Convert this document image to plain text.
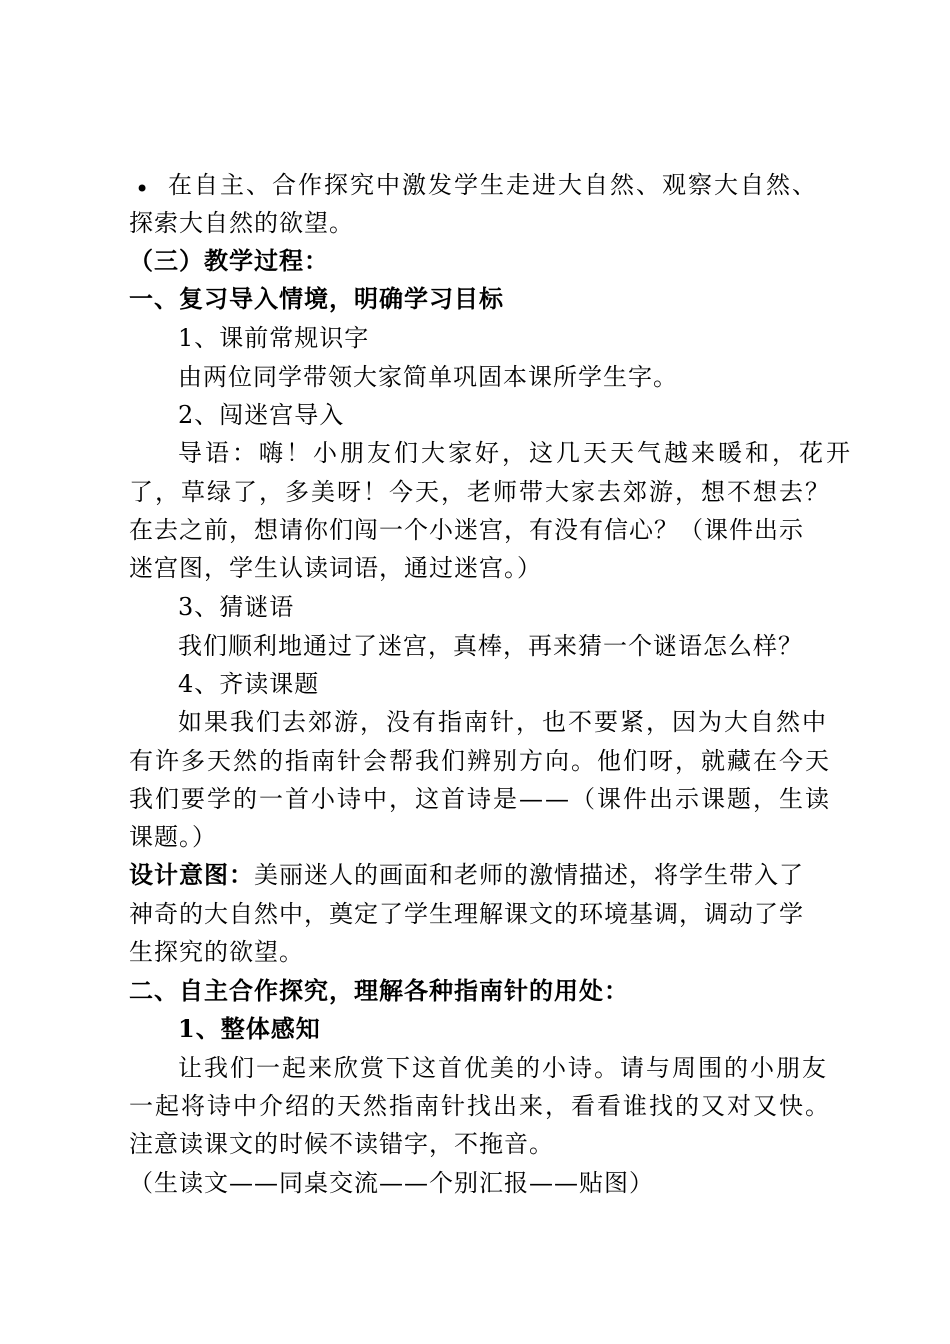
• 在自主、合作探究中激发学生走进大自然、观察大自然、
探索大自然的欲望。
（三）教学过程：
一、复习导入情境，明确学习目标
1、课前常规识字
由两位同学带领大家简单巩固本课所学生字。
2、闯迷宫导入
导语：嗨！小朋友们大家好，这几天天气越来暖和，花开
了，草绿了，多美呀！今天，老师带大家去郊游，想不想去？
在去之前，想请你们闯一个小迷宫，有没有信心？（课件出示
迷宫图，学生认读词语，通过迷宫。）
3、猜谜语
我们顺利地通过了迷宫，真棒，再来猜一个谜语怎么样？
4、齐读课题
如果我们去郊游，没有指南针，也不要紧，因为大自然中
有许多天然的指南针会帮我们辨别方向。他们呀，就藏在今天
我们要学的一首小诗中，这首诗是——（课件出示课题，生读
课题。）
设计意图：美丽迷人的画面和老师的激情描述，将学生带入了
神奇的大自然中，奠定了学生理解课文的环境基调，调动了学
生探究的欲望。
二、自主合作探究，理解各种指南针的用处：
1、整体感知
让我们一起来欣赏下这首优美的小诗。请与周围的小朋友
一起将诗中介绍的天然指南针找出来，看看谁找的又对又快。
注意读课文的时候不读错字，不拖音。
（生读文——同桌交流——个别汇报——贴图）
